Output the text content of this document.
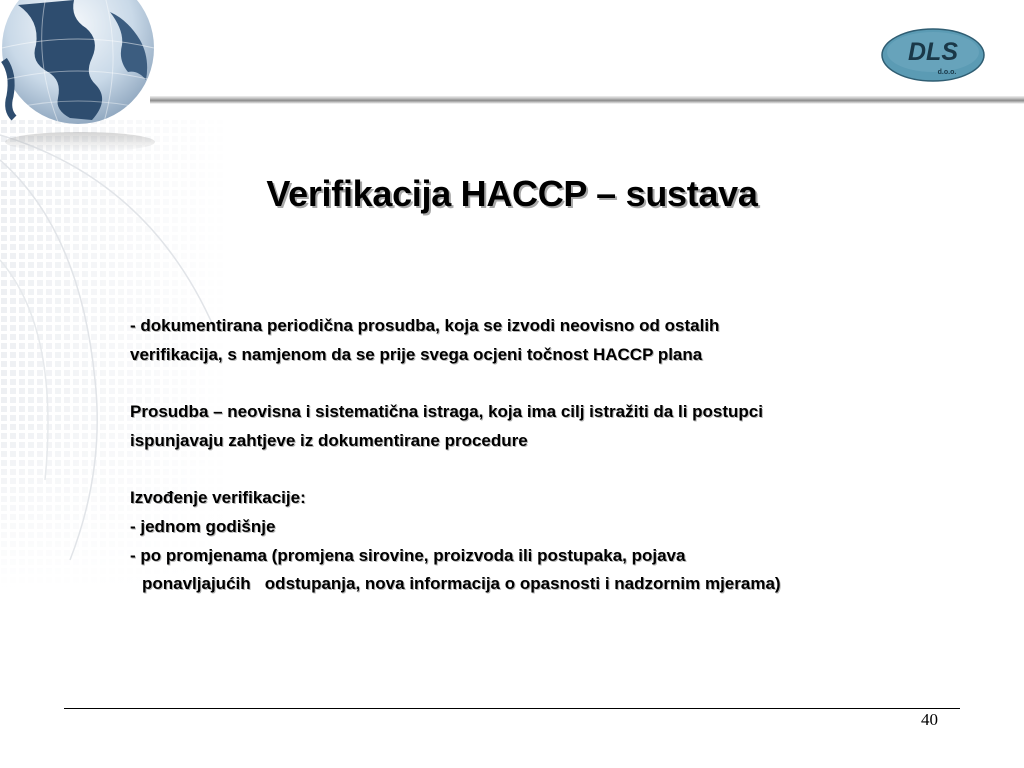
DLS
d.o.o.
Verifikacija HACCP – sustava
- dokumentirana periodična prosudba, koja se izvodi neovisno od ostalih
verifikacija, s namjenom da se prije svega ocjeni točnost HACCP plana
Prosudba – neovisna i sistematična istraga, koja ima cilj istražiti da li postupci
ispunjavaju zahtjeve iz dokumentirane procedure
Izvođenje verifikacije:
- jednom godišnje
- po promjenama (promjena sirovine, proizvoda ili postupaka, pojava
ponavljajućih   odstupanja, nova informacija o opasnosti i nadzornim mjerama)
40
